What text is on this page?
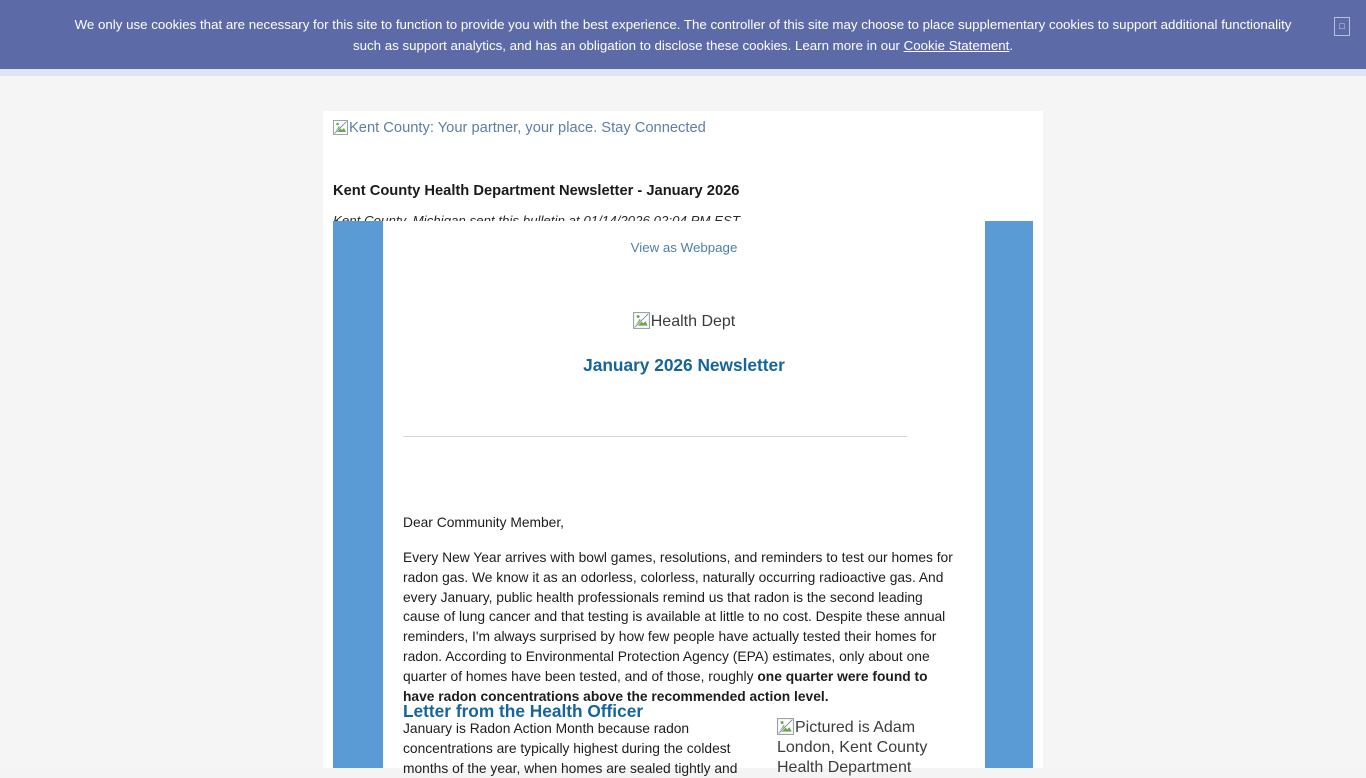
We only use cookies that are necessary for this site to function to provide you with the best experience. The controller of this site may choose to place supplementary cookies to support additional functionality such as support analytics, and has an obligation to disclose these cookies. Learn more in our Cookie Statement.
□
Kent County: Your partner, your place. Stay Connected
Kent County Health Department Newsletter - January 2026
View as Webpage
Health Dept
January 2026 Newsletter
Letter from the Health Officer
Dear Community Member,
Every New Year arrives with bowl games, resolutions, and reminders to test our homes for radon gas. We know it as an odorless, colorless, naturally occurring radioactive gas. And every January, public health professionals remind us that radon is the second leading cause of lung cancer and that testing is available at little to no cost. Despite these annual reminders, I'm always surprised by how few people have actually tested their homes for radon. According to Environmental Protection Agency (EPA) estimates, only about one quarter of homes have been tested, and of those, roughly one quarter were found to have radon concentrations above the recommended action level.
January is Radon Action Month because radon concentrations are typically highest during the coldest months of the year, when homes are sealed tightly and
Pictured is Adam London, Kent County Health Department
